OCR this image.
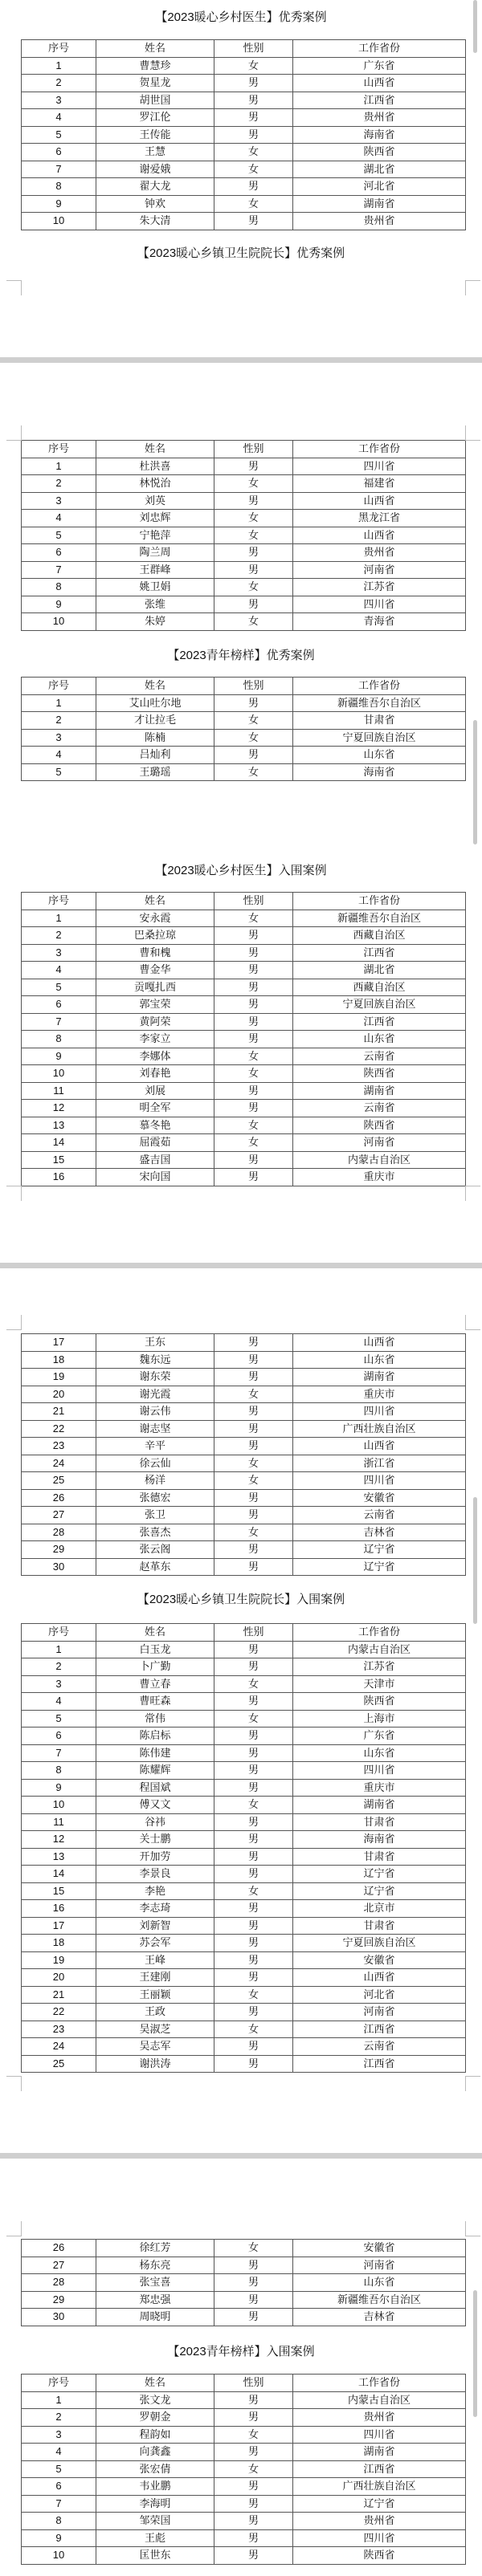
【2023暖心乡村医生】优秀案例
【2023暖心乡镇卫生院院长】优秀案例
【2023青年榜样】优秀案例
【2023暖心乡村医生】入围案例
【2023暖心乡镇卫生院院长】入围案例
【2023青年榜样】入围案例
序号	姓名	性别	工作省份
1	曹慧珍	女	广东省
2	贺星龙	男	山西省
3	胡世国	男	江西省
4	罗江伦	男	贵州省
5	王传能	男	海南省
6	王慧	女	陕西省
7	谢爱娥	女	湖北省
8	翟大龙	男	河北省
9	钟欢	女	湖南省
10	朱大清	男	贵州省
序号	姓名	性别	工作省份
1	杜洪喜	男	四川省
2	林悦治	女	福建省
3	刘英	男	山西省
4	刘忠辉	女	黑龙江省
5	宁艳萍	女	山西省
6	陶兰周	男	贵州省
7	王群峰	男	河南省
8	姚卫娟	女	江苏省
9	张维	男	四川省
10	朱婷	女	青海省
序号	姓名	性别	工作省份
1	艾山吐尔地	男	新疆维吾尔自治区
2	才让拉毛	女	甘肃省
3	陈楠	女	宁夏回族自治区
4	吕灿利	男	山东省
5	王璐瑶	女	海南省
序号	姓名	性别	工作省份
1	安永霞	女	新疆维吾尔自治区
2	巴桑拉琼	男	西藏自治区
3	曹和槐	男	江西省
4	曹金华	男	湖北省
5	贡嘎扎西	男	西藏自治区
6	郭宝荣	男	宁夏回族自治区
7	黄阿荣	男	江西省
8	李家立	男	山东省
9	李娜体	女	云南省
10	刘春艳	女	陕西省
11	刘展	男	湖南省
12	明全军	男	云南省
13	慕冬艳	女	陕西省
14	屈霞茹	女	河南省
15	盛吉国	男	内蒙古自治区
16	宋向国	男	重庆市
17	王东	男	山西省
18	魏东远	男	山东省
19	谢东荣	男	湖南省
20	谢光霞	女	重庆市
21	谢云伟	男	四川省
22	谢志坚	男	广西壮族自治区
23	辛平	男	山西省
24	徐云仙	女	浙江省
25	杨洋	女	四川省
26	张德宏	男	安徽省
27	张卫	男	云南省
28	张喜杰	女	吉林省
29	张云阁	男	辽宁省
30	赵革东	男	辽宁省
序号	姓名	性别	工作省份
1	白玉龙	男	内蒙古自治区
2	卜广勤	男	江苏省
3	曹立春	女	天津市
4	曹旺森	男	陕西省
5	常伟	女	上海市
6	陈启标	男	广东省
7	陈伟建	男	山东省
8	陈耀辉	男	四川省
9	程国斌	男	重庆市
10	傅又文	女	湖南省
11	谷祎	男	甘肃省
12	关士鹏	男	海南省
13	开加劳	男	甘肃省
14	李景良	男	辽宁省
15	李艳	女	辽宁省
16	李志琦	男	北京市
17	刘新智	男	甘肃省
18	苏会军	男	宁夏回族自治区
19	王峰	男	安徽省
20	王建刚	男	山西省
21	王丽颖	女	河北省
22	王政	男	河南省
23	吴淑芝	女	江西省
24	吴志军	男	云南省
25	谢洪涛	男	江西省
26	徐红芳	女	安徽省
27	杨东亮	男	河南省
28	张宝喜	男	山东省
29	郑忠强	男	新疆维吾尔自治区
30	周晓明	男	吉林省
序号	姓名	性别	工作省份
1	张文龙	男	内蒙古自治区
2	罗朝金	男	贵州省
3	程韵如	女	四川省
4	向龚鑫	男	湖南省
5	张宏倩	女	江西省
6	韦业鹏	男	广西壮族自治区
7	李海明	男	辽宁省
8	邹荣国	男	贵州省
9	王彪	男	四川省
10	匡世东	男	陕西省
